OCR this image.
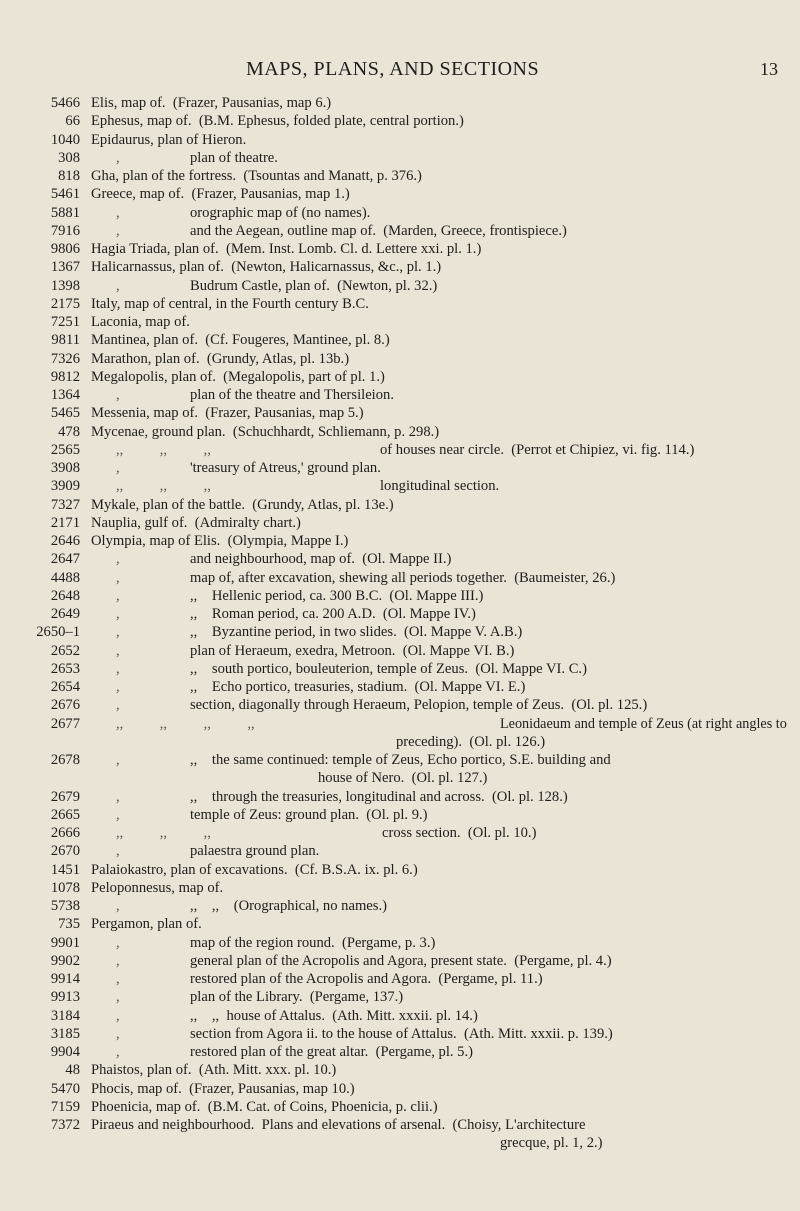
MAPS, PLANS, AND SECTIONS	13
5466 Elis, map of.  (Frazer, Pausanias, map 6.)
66 Ephesus, map of.  (B.M. Ephesus, folded plate, central portion.)
1040 Epidaurus, plan of Hieron.
308 ,	plan of theatre.
818 Gha, plan of the fortress.  (Tsountas and Manatt, p. 376.)
5461 Greece, map of.  (Frazer, Pausanias, map 1.)
5881 ,	orographic map of (no names).
7916 ,	and the Aegean, outline map of.  (Marden, Greece, frontispiece.)
9806 Hagia Triada, plan of.  (Mem. Inst. Lomb. Cl. d. Lettere xxi. pl. 1.)
1367 Halicarnassus, plan of.  (Newton, Halicarnassus, &c., pl. 1.)
1398 ,	Budrum Castle, plan of.  (Newton, pl. 32.)
2175 Italy, map of central, in the Fourth century B.C.
7251 Laconia, map of.
9811 Mantinea, plan of.  (Cf. Fougeres, Mantinee, pl. 8.)
7326 Marathon, plan of.  (Grundy, Atlas, pl. 13b.)
9812 Megalopolis, plan of.  (Megalopolis, part of pl. 1.)
1364 ,	plan of the theatre and Thersileion.
5465 Messenia, map of.  (Frazer, Pausanias, map 5.)
478 Mycenae, ground plan.  (Schuchhardt, Schliemann, p. 298.)
2565 ,,          ,,          ,,	of houses near circle.  (Perrot et Chipiez, vi. fig. 114.)
3908 ,	'treasury of Atreus,' ground plan.
3909 ,,          ,,          ,,	longitudinal section.
7327 Mykale, plan of the battle.  (Grundy, Atlas, pl. 13e.)
2171 Nauplia, gulf of.  (Admiralty chart.)
2646 Olympia, map of Elis.  (Olympia, Mappe I.)
2647 ,	and neighbourhood, map of.  (Ol. Mappe II.)
4488 ,	map of, after excavation, shewing all periods together.  (Baumeister, 26.)
2648 ,	,,    Hellenic period, ca. 300 B.C.  (Ol. Mappe III.)
2649 ,	,,    Roman period, ca. 200 A.D.  (Ol. Mappe IV.)
2650–1 ,	,,    Byzantine period, in two slides.  (Ol. Mappe V. A.B.)
2652 ,	plan of Heraeum, exedra, Metroon.  (Ol. Mappe VI. B.)
2653 ,	,,    south portico, bouleuterion, temple of Zeus.  (Ol. Mappe VI. C.)
2654 ,	,,    Echo portico, treasuries, stadium.  (Ol. Mappe VI. E.)
2676 ,	section, diagonally through Heraeum, Pelopion, temple of Zeus.  (Ol. pl. 125.)
2677 ,,          ,,          ,,          ,,	Leonidaeum and temple of Zeus (at right angles to
preceding).  (Ol. pl. 126.)
2678 ,	,,    the same continued: temple of Zeus, Echo portico, S.E. building and
house of Nero.  (Ol. pl. 127.)
2679 ,	,,    through the treasuries, longitudinal and across.  (Ol. pl. 128.)
2665 ,	temple of Zeus: ground plan.  (Ol. pl. 9.)
2666 ,,          ,,          ,,	cross section.  (Ol. pl. 10.)
2670 ,	palaestra ground plan.
1451 Palaiokastro, plan of excavations.  (Cf. B.S.A. ix. pl. 6.)
1078 Peloponnesus, map of.
5738 ,	,,    ,,    (Orographical, no names.)
735 Pergamon, plan of.
9901 ,	map of the region round.  (Pergame, p. 3.)
9902 ,	general plan of the Acropolis and Agora, present state.  (Pergame, pl. 4.)
9914 ,	restored plan of the Acropolis and Agora.  (Pergame, pl. 11.)
9913 ,	plan of the Library.  (Pergame, 137.)
3184 ,	,,    ,,  house of Attalus.  (Ath. Mitt. xxxii. pl. 14.)
3185 ,	section from Agora ii. to the house of Attalus.  (Ath. Mitt. xxxii. p. 139.)
9904 ,	restored plan of the great altar.  (Pergame, pl. 5.)
48 Phaistos, plan of.  (Ath. Mitt. xxx. pl. 10.)
5470 Phocis, map of.  (Frazer, Pausanias, map 10.)
7159 Phoenicia, map of.  (B.M. Cat. of Coins, Phoenicia, p. clii.)
7372 Piraeus and neighbourhood.  Plans and elevations of arsenal.  (Choisy, L'architecture
grecque, pl. 1, 2.)
